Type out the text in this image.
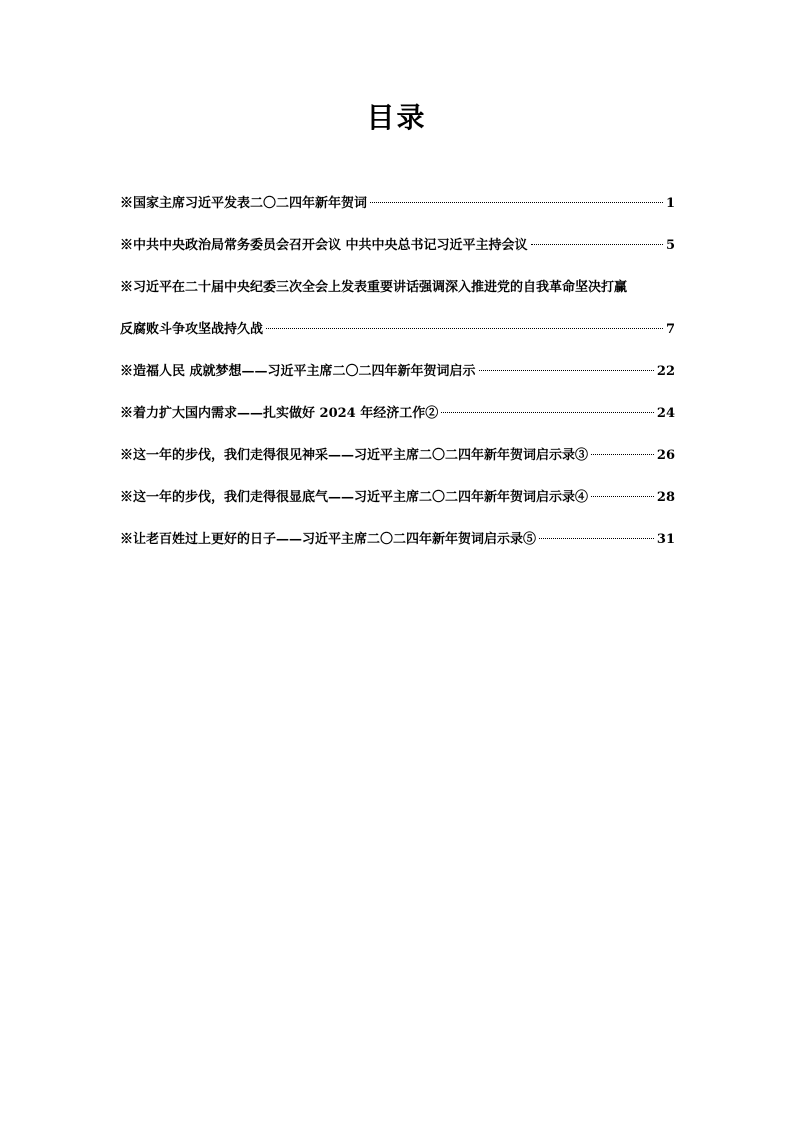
目录
※国家主席习近平发表二〇二四年新年贺词	1
※中共中央政治局常务委员会召开会议 中共中央总书记习近平主持会议	5
※习近平在二十届中央纪委三次全会上发表重要讲话强调深入推进党的自我革命坚决打赢
反腐败斗争攻坚战持久战	7
※造福人民 成就梦想——习近平主席二〇二四年新年贺词启示	22
※着力扩大国内需求——扎实做好 2024 年经济工作②	24
※这一年的步伐，我们走得很见神采——习近平主席二〇二四年新年贺词启示录③	26
※这一年的步伐，我们走得很显底气——习近平主席二〇二四年新年贺词启示录④	28
※让老百姓过上更好的日子——习近平主席二〇二四年新年贺词启示录⑤	31
